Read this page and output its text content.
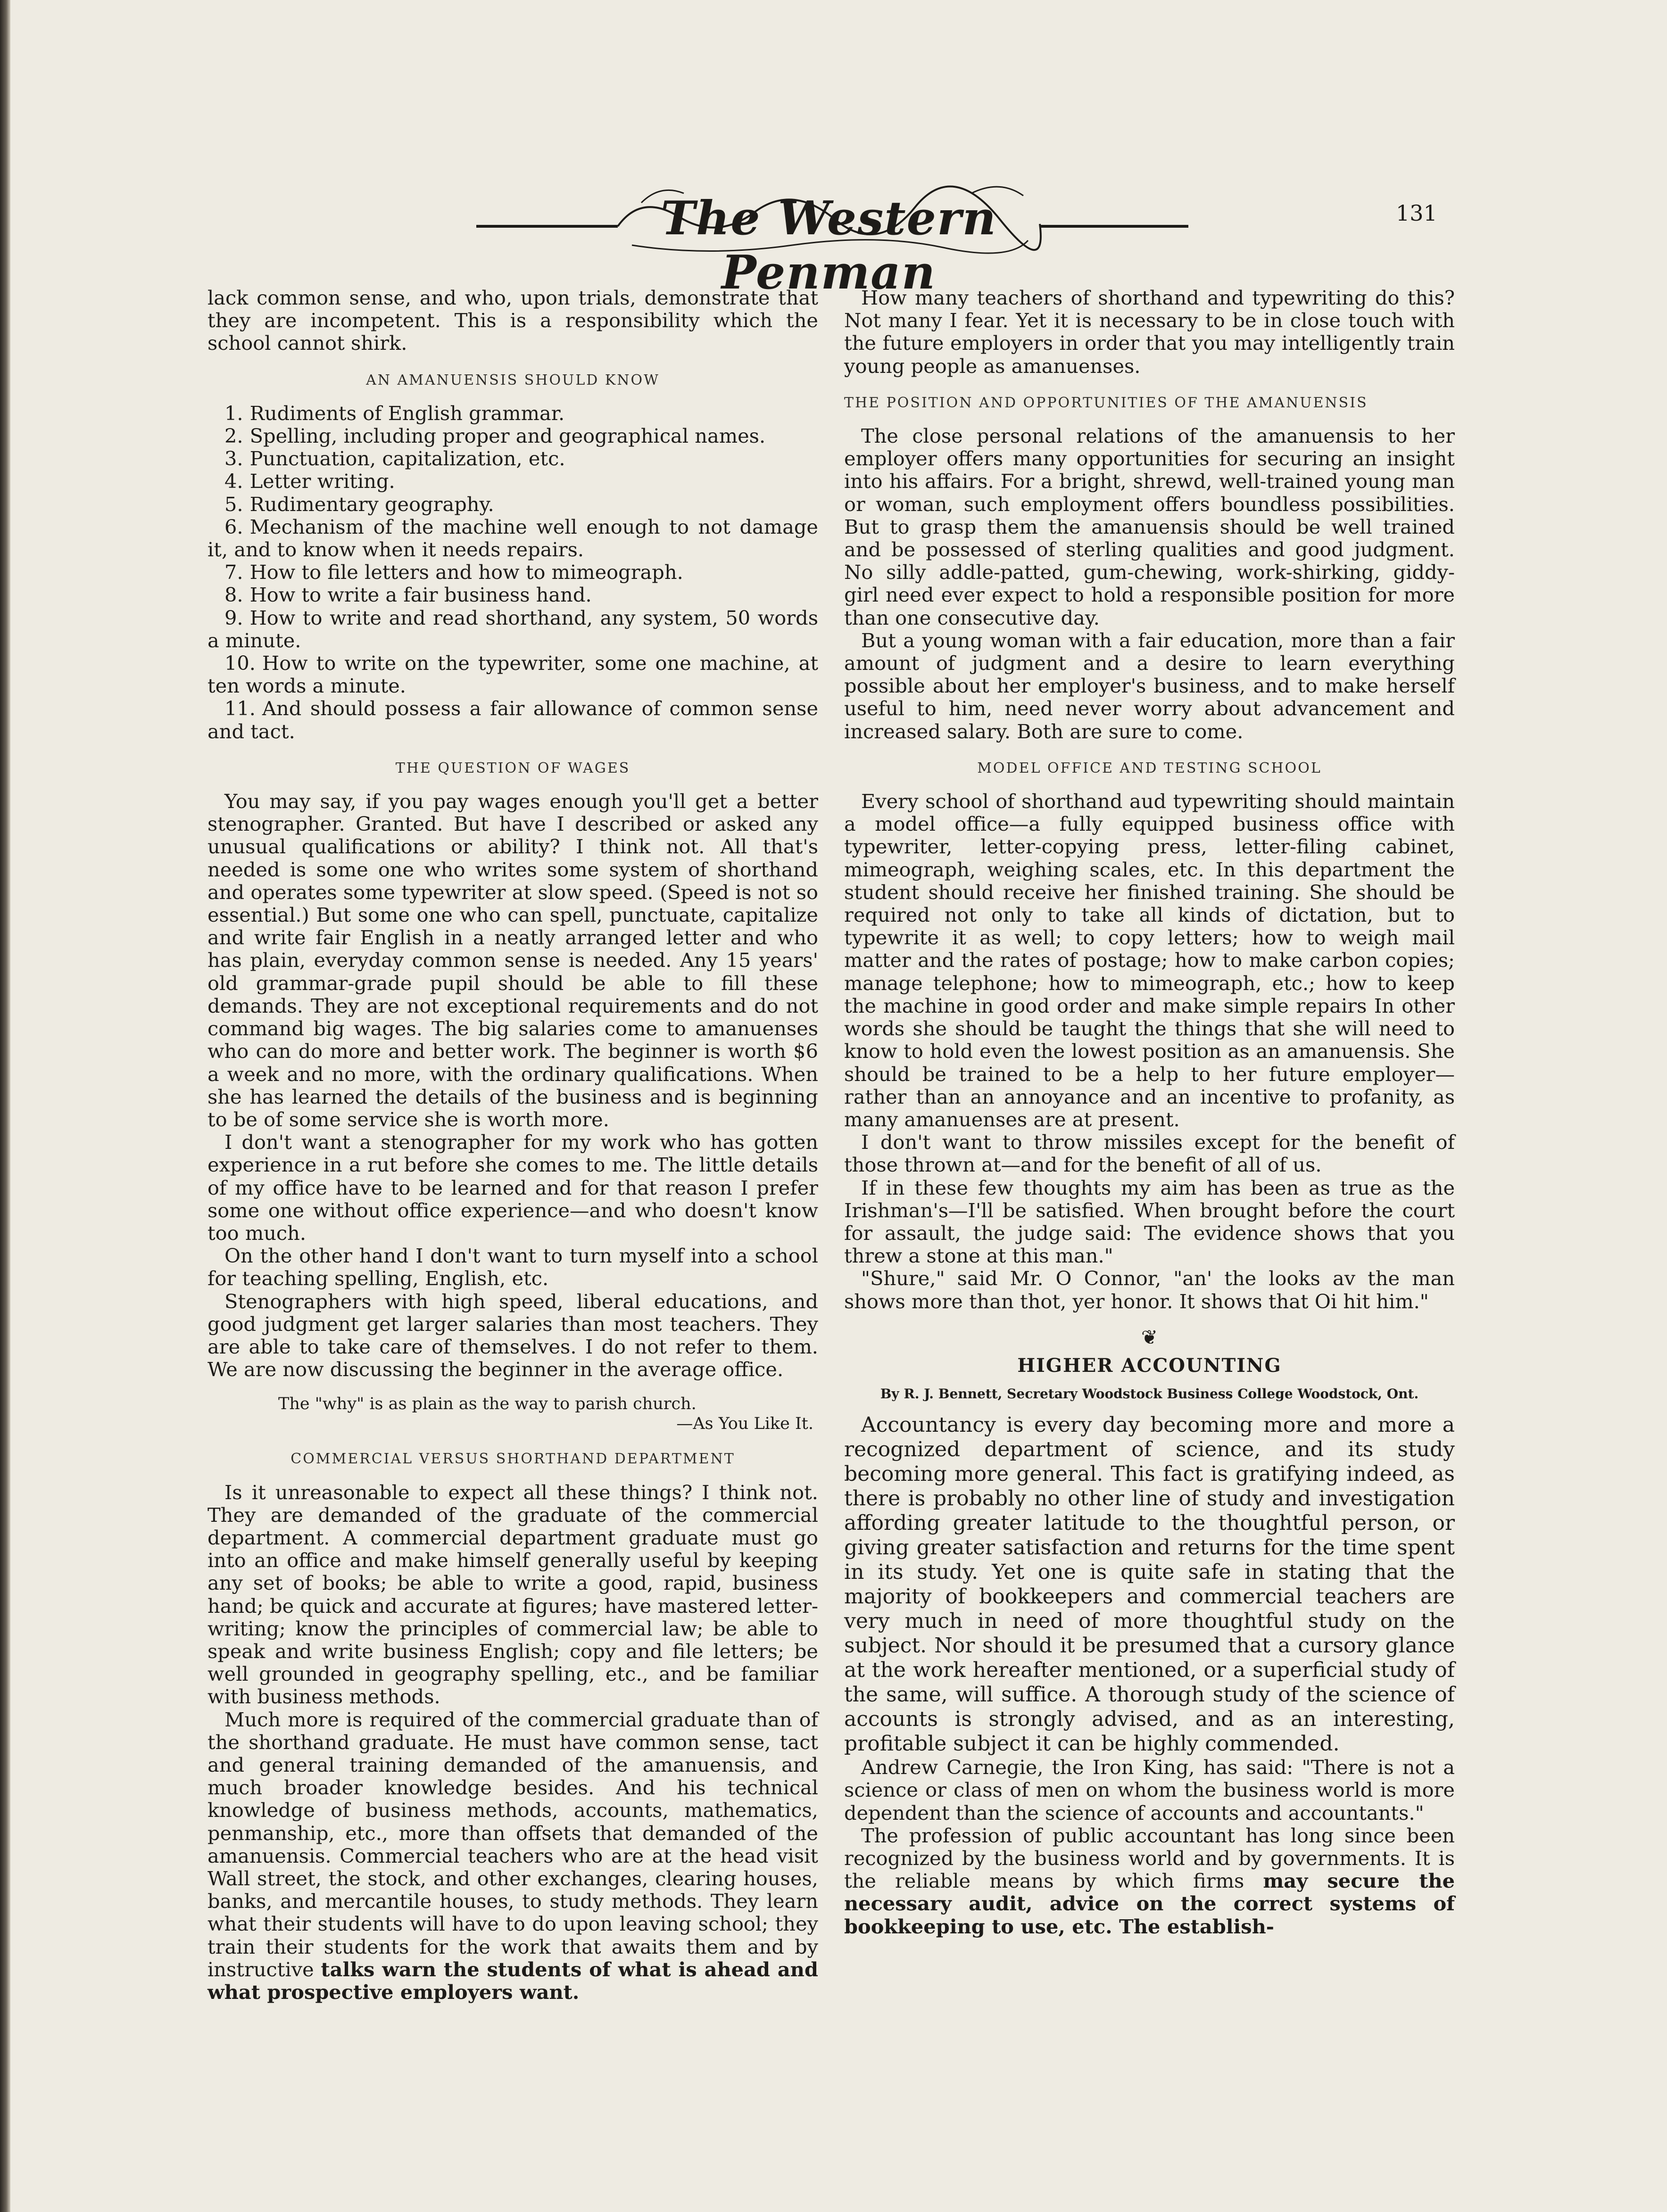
The Western Penman
131

lack common sense, and who, upon trials, demonstrate that they are incompetent. This is a responsibility which the school cannot shirk.

AN AMANUENSIS SHOULD KNOW
1. Rudiments of English grammar.
2. Spelling, including proper and geographical names.
3. Punctuation, capitalization, etc.
4. Letter writing.
5. Rudimentary geography.
6. Mechanism of the machine well enough to not damage it, and to know when it needs repairs.
7. How to file letters and how to mimeograph.
8. How to write a fair business hand.
9. How to write and read shorthand, any system, 50 words a minute.
10. How to write on the typewriter, some one machine, at ten words a minute.
11. And should possess a fair allowance of common sense and tact.
THE QUESTION OF WAGES

You may say, if you pay wages enough you'll get a better stenographer. Granted. But have I described or asked any unusual qualifications or ability? I think not. All that's needed is some one who writes some system of shorthand and operates some typewriter at slow speed. (Speed is not so essential.) But some one who can spell, punctuate, capitalize and write fair English in a neatly arranged letter and who has plain, everyday common sense is needed. Any 15 years' old grammar-grade pupil should be able to fill these demands. They are not exceptional requirements and do not command big wages. The big salaries come to amanuenses who can do more and better work. The beginner is worth $6 a week and no more, with the ordinary qualifications. When she has learned the details of the business and is beginning to be of some service she is worth more.

I don't want a stenographer for my work who has gotten experience in a rut before she comes to me. The little details of my office have to be learned and for that reason I prefer some one without office experience—and who doesn't know too much.

On the other hand I don't want to turn myself into a school for teaching spelling, English, etc.

Stenographers with high speed, liberal educations, and good judgment get larger salaries than most teachers. They are able to take care of themselves. I do not refer to them. We are now discussing the beginner in the average office.

The "why" is as plain as the way to parish church.
—As You Like It.
COMMERCIAL VERSUS SHORTHAND DEPARTMENT

Is it unreasonable to expect all these things? I think not. They are demanded of the graduate of the commercial department. A commercial department graduate must go into an office and make himself generally useful by keeping any set of books; be able to write a good, rapid, business hand; be quick and accurate at figures; have mastered letter-writing; know the principles of commercial law; be able to speak and write business English; copy and file letters; be well grounded in geography spelling, etc., and be familiar with business methods.

Much more is required of the commercial graduate than of the shorthand graduate. He must have common sense, tact and general training demanded of the amanuensis, and much broader knowledge besides. And his technical knowledge of business methods, accounts, mathematics, penmanship, etc., more than offsets that demanded of the amanuensis. Commercial teachers who are at the head visit Wall street, the stock, and other exchanges, clearing houses, banks, and mercantile houses, to study methods. They learn what their students will have to do upon leaving school; they train their students for the work that awaits them and by instructive talks warn the students of what is ahead and what prospective employers want.

How many teachers of shorthand and typewriting do this? Not many I fear. Yet it is necessary to be in close touch with the future employers in order that you may intelligently train young people as amanuenses.

THE POSITION AND OPPORTUNITIES OF THE AMANUENSIS

The close personal relations of the amanuensis to her employer offers many opportunities for securing an insight into his affairs. For a bright, shrewd, well-trained young man or woman, such employment offers boundless possibilities. But to grasp them the amanuensis should be well trained and be possessed of sterling qualities and good judgment. No silly addle-patted, gum-chewing, work-shirking, giddy-girl need ever expect to hold a responsible position for more than one consecutive day.

But a young woman with a fair education, more than a fair amount of judgment and a desire to learn everything possible about her employer's business, and to make herself useful to him, need never worry about advancement and increased salary. Both are sure to come.

MODEL OFFICE AND TESTING SCHOOL

Every school of shorthand aud typewriting should maintain a model office—a fully equipped business office with typewriter, letter-copying press, letter-filing cabinet, mimeograph, weighing scales, etc. In this department the student should receive her finished training. She should be required not only to take all kinds of dictation, but to typewrite it as well; to copy letters; how to weigh mail matter and the rates of postage; how to make carbon copies; manage telephone; how to mimeograph, etc.; how to keep the machine in good order and make simple repairs In other words she should be taught the things that she will need to know to hold even the lowest position as an amanuensis. She should be trained to be a help to her future employer—rather than an annoyance and an incentive to profanity, as many amanuenses are at present.

I don't want to throw missiles except for the benefit of those thrown at—and for the benefit of all of us.

If in these few thoughts my aim has been as true as the Irishman's—I'll be satisfied. When brought before the court for assault, the judge said: The evidence shows that you threw a stone at this man."

"Shure," said Mr. O Connor, "an' the looks av the man shows more than thot, yer honor. It shows that Oi hit him."

❦
HIGHER ACCOUNTING
By R. J. Bennett, Secretary Woodstock Business College Woodstock, Ont.

Accountancy is every day becoming more and more a recognized department of science, and its study becoming more general. This fact is gratifying indeed, as there is probably no other line of study and investigation affording greater latitude to the thoughtful person, or giving greater satisfaction and returns for the time spent in its study. Yet one is quite safe in stating that the majority of bookkeepers and commercial teachers are very much in need of more thoughtful study on the subject. Nor should it be presumed that a cursory glance at the work hereafter mentioned, or a superficial study of the same, will suffice. A thorough study of the science of accounts is strongly advised, and as an interesting, profitable subject it can be highly commended.

Andrew Carnegie, the Iron King, has said: "There is not a science or class of men on whom the business world is more dependent than the science of accounts and accountants."

The profession of public accountant has long since been recognized by the business world and by governments. It is the reliable means by which firms may secure the necessary audit, advice on the correct systems of bookkeeping to use, etc. The establish-
